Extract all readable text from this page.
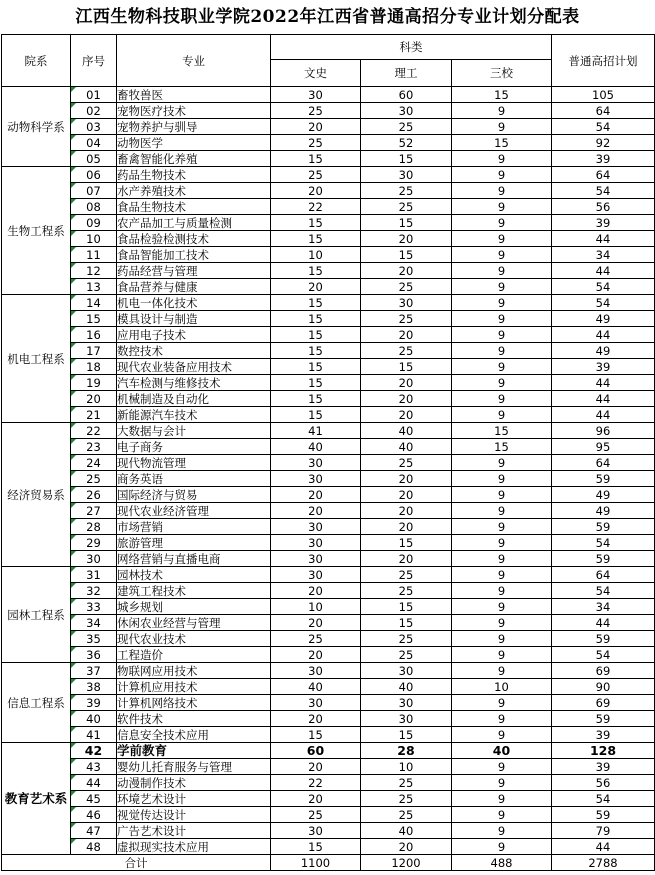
江西生物科技职业学院2022年江西省普通高招分专业计划分配表
院系	序号	专业	科类			普通高招计划
			文史	理工	三校	
动物科学系	01	畜牧兽医	30	60	15	105
	02	宠物医疗技术	25	30	9	64
	03	宠物养护与驯导	20	25	9	54
	04	动物医学	25	52	15	92
	05	畜禽智能化养殖	15	15	9	39
生物工程系	06	药品生物技术	25	30	9	64
	07	水产养殖技术	20	25	9	54
	08	食品生物技术	22	25	9	56
	09	农产品加工与质量检测	15	15	9	39
	10	食品检验检测技术	15	20	9	44
	11	食品智能加工技术	10	15	9	34
	12	药品经营与管理	15	20	9	44
	13	食品营养与健康	20	25	9	54
机电工程系	14	机电一体化技术	15	30	9	54
	15	模具设计与制造	15	25	9	49
	16	应用电子技术	15	20	9	44
	17	数控技术	15	25	9	49
	18	现代农业装备应用技术	15	15	9	39
	19	汽车检测与维修技术	15	20	9	44
	20	机械制造及自动化	15	20	9	44
	21	新能源汽车技术	15	20	9	44
经济贸易系	22	大数据与会计	41	40	15	96
	23	电子商务	40	40	15	95
	24	现代物流管理	30	25	9	64
	25	商务英语	30	20	9	59
	26	国际经济与贸易	20	20	9	49
	27	现代农业经济管理	20	20	9	49
	28	市场营销	30	20	9	59
	29	旅游管理	30	15	9	54
	30	网络营销与直播电商	30	20	9	59
园林工程系	31	园林技术	30	25	9	64
	32	建筑工程技术	20	25	9	54
	33	城乡规划	10	15	9	34
	34	休闲农业经营与管理	20	15	9	44
	35	现代农业技术	25	25	9	59
	36	工程造价	20	25	9	54
信息工程系	37	物联网应用技术	30	30	9	69
	38	计算机应用技术	40	40	10	90
	39	计算机网络技术	30	30	9	69
	40	软件技术	20	30	9	59
	41	信息安全技术应用	15	15	9	39
教育艺术系	42	学前教育	60	28	40	128
	43	婴幼儿托育服务与管理	20	10	9	39
	44	动漫制作技术	22	25	9	56
	45	环境艺术设计	20	25	9	54
	46	视觉传达设计	25	25	9	59
	47	广告艺术设计	30	40	9	79
	48	虚拟现实技术应用	15	20	9	44
合计			1100	1200	488	2788
